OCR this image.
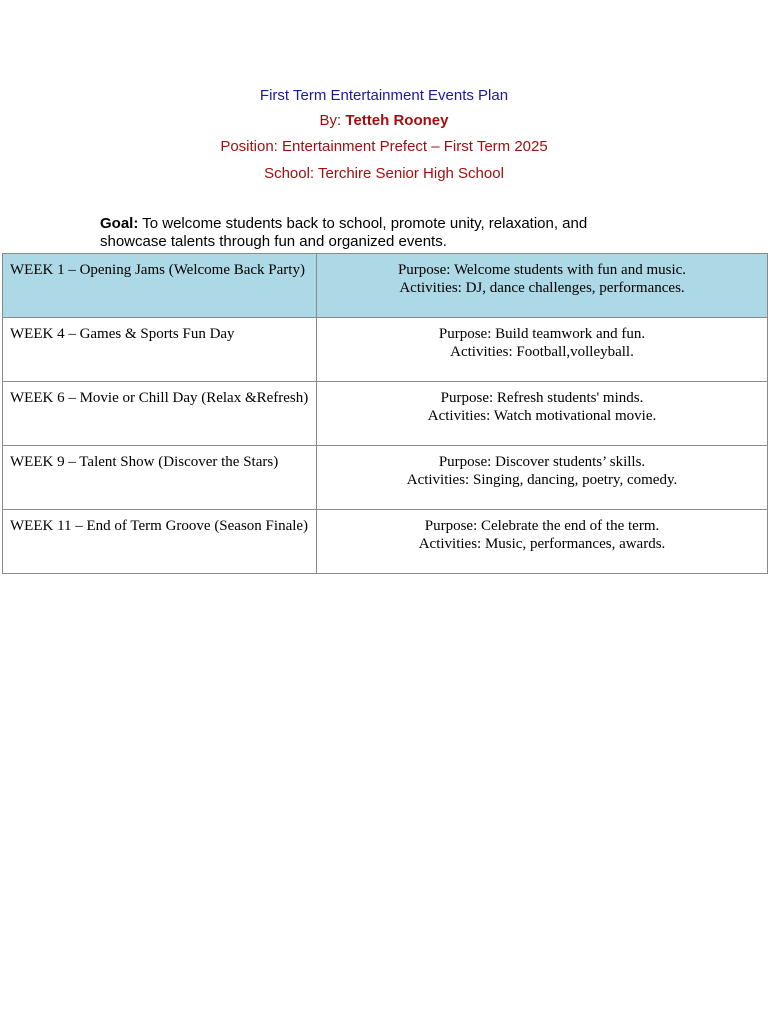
First Term Entertainment Events Plan
By: Tetteh Rooney
Position: Entertainment Prefect – First Term 2025
School: Terchire Senior High School
Goal: To welcome students back to school, promote unity, relaxation, and showcase talents through fun and organized events.
WEEK 1 – Opening Jams (Welcome Back Party)	Purpose: Welcome students with fun and music.
Activities: DJ, dance challenges, performances.

WEEK 4 – Games & Sports Fun Day	Purpose: Build teamwork and fun.
Activities: Football,volleyball.

WEEK 6 – Movie or Chill Day (Relax &Refresh)	Purpose: Refresh students' minds.
Activities: Watch motivational movie.

WEEK 9 – Talent Show (Discover the Stars)	Purpose: Discover students’ skills.
Activities: Singing, dancing, poetry, comedy.

WEEK 11 – End of Term Groove (Season Finale)	Purpose: Celebrate the end of the term.
Activities: Music, performances, awards.
